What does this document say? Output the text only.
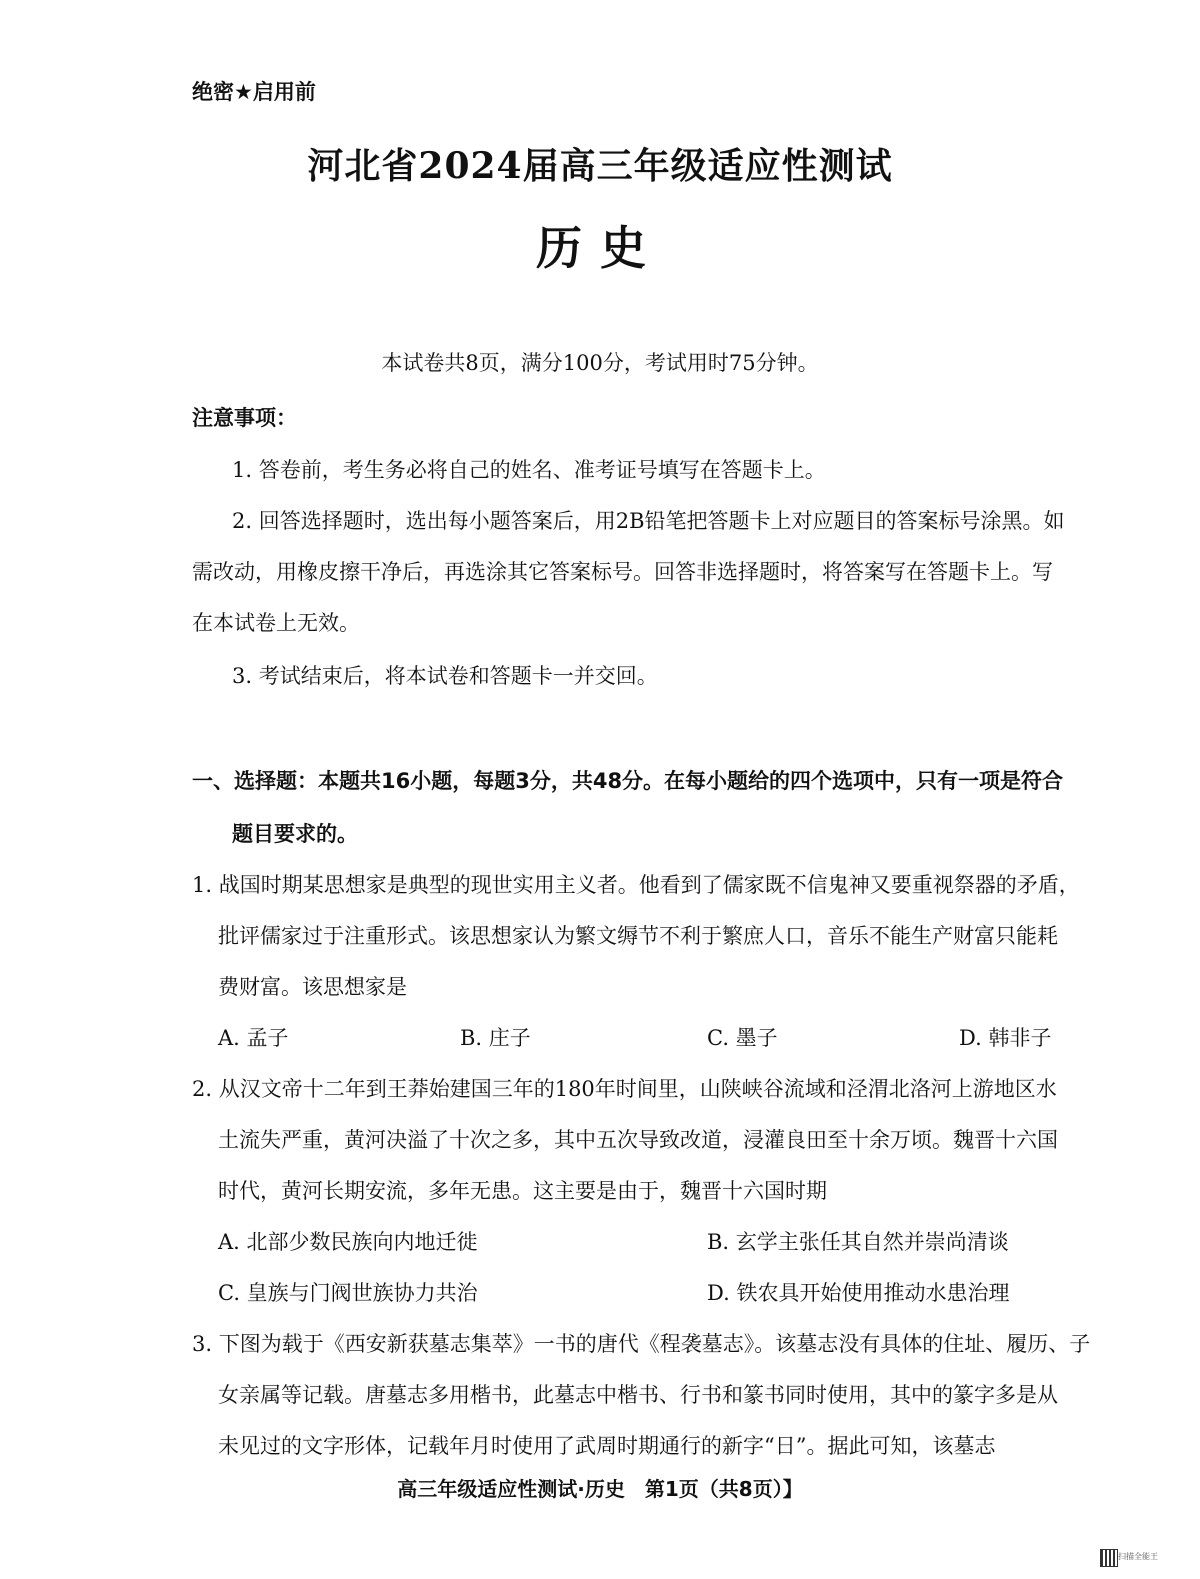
绝密★启用前
河北省2024届高三年级适应性测试
历史
本试卷共8页，满分100分，考试用时75分钟。
注意事项：
1. 答卷前，考生务必将自己的姓名、准考证号填写在答题卡上。
2. 回答选择题时，选出每小题答案后，用2B铅笔把答题卡上对应题目的答案标号涂黑。如
需改动，用橡皮擦干净后，再选涂其它答案标号。回答非选择题时，将答案写在答题卡上。写
在本试卷上无效。
3. 考试结束后，将本试卷和答题卡一并交回。
一、选择题：本题共16小题，每题3分，共48分。在每小题给的四个选项中，只有一项是符合
题目要求的。
1. 战国时期某思想家是典型的现世实用主义者。他看到了儒家既不信鬼神又要重视祭器的矛盾，
批评儒家过于注重形式。该思想家认为繁文缛节不利于繁庶人口，音乐不能生产财富只能耗
费财富。该思想家是
A. 孟子	B. 庄子	C. 墨子	D. 韩非子
2. 从汉文帝十二年到王莽始建国三年的180年时间里，山陕峡谷流域和泾渭北洛河上游地区水
土流失严重，黄河决溢了十次之多，其中五次导致改道，浸灌良田至十余万顷。魏晋十六国
时代，黄河长期安流，多年无患。这主要是由于，魏晋十六国时期
A. 北部少数民族向内地迁徙	B. 玄学主张任其自然并崇尚清谈
C. 皇族与门阀世族协力共治	D. 铁农具开始使用推动水患治理
3. 下图为载于《西安新获墓志集萃》一书的唐代《程袭墓志》。该墓志没有具体的住址、履历、子
女亲属等记载。唐墓志多用楷书，此墓志中楷书、行书和篆书同时使用，其中的篆字多是从
未见过的文字形体，记载年月时使用了武周时期通行的新字“日”。据此可知，该墓志
高三年级适应性测试·历史　第1页（共8页）】
扫描全能王
